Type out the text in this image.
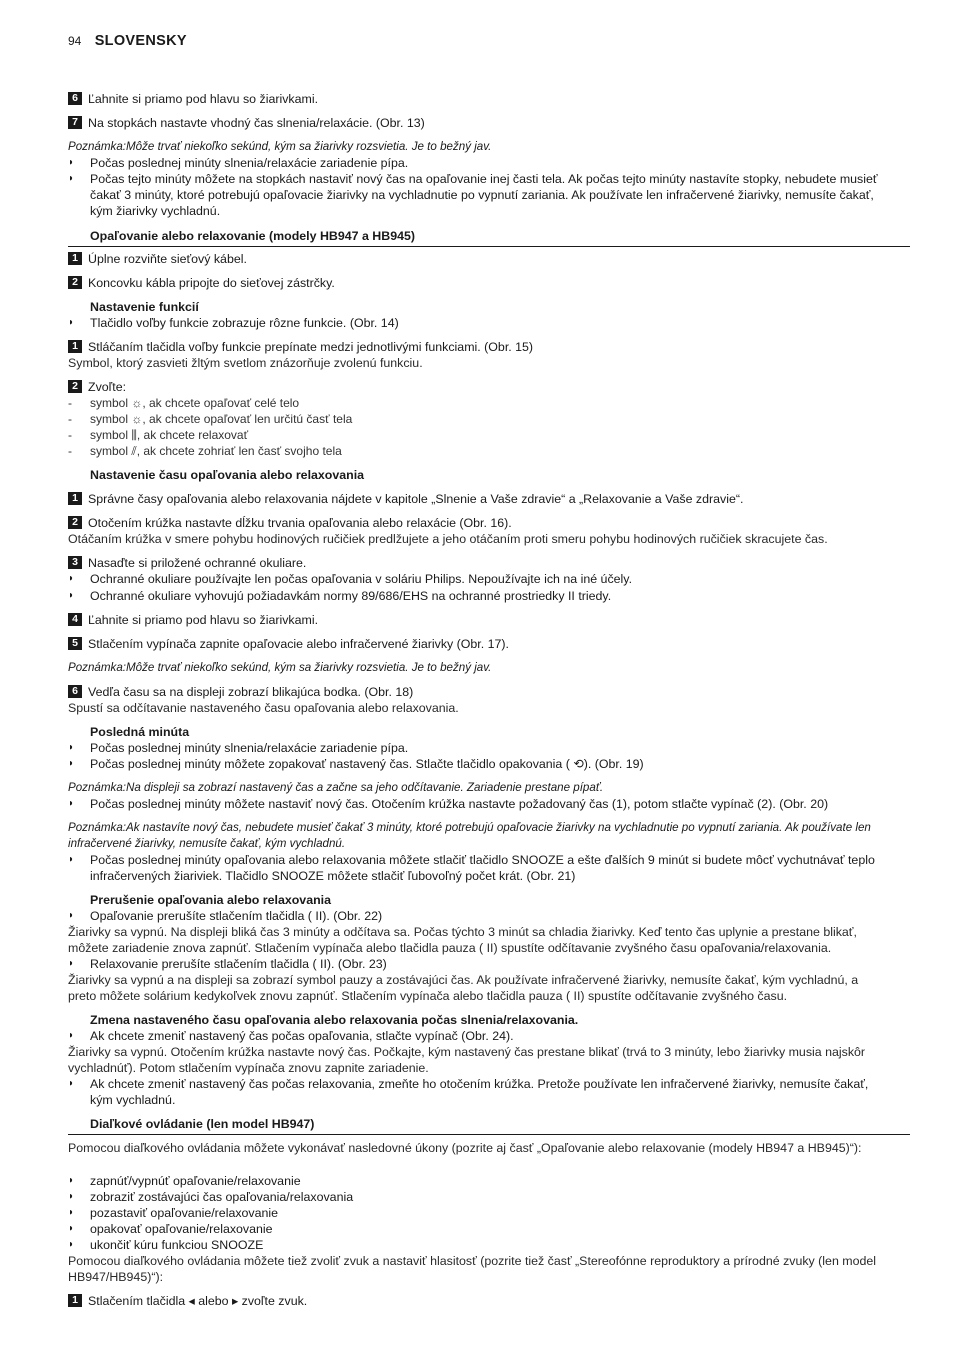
94 SLOVENSKY
6 Ľahnite si priamo pod hlavu so žiarivkami.
7 Na stopkách nastavte vhodný čas slnenia/relaxácie. (Obr. 13)
Poznámka:Môže trvať niekoľko sekúnd, kým sa žiarivky rozsvietia. Je to bežný jav.
◗	Počas poslednej minúty slnenia/relaxácie zariadenie pípa.
◗	Počas tejto minúty môžete na stopkách nastaviť nový čas na opaľovanie inej časti tela. Ak počas tejto minúty nastavíte stopky, nebudete musieť čakať 3 minúty, ktoré potrebujú opaľovacie žiarivky na vychladnutie po vypnutí zariania. Ak používate len infračervené žiarivky, nemusíte čakať, kým žiarivky vychladnú.
Opaľovanie alebo relaxovanie (modely HB947 a HB945)
1 Úplne rozviňte sieťový kábel.
2 Koncovku kábla pripojte do sieťovej zástrčky.
Nastavenie funkcií
◗	Tlačidlo voľby funkcie zobrazuje rôzne funkcie. (Obr. 14)
1 Stláčaním tlačidla voľby funkcie prepínate medzi jednotlivými funkciami. (Obr. 15)
Symbol, ktorý zasvieti žltým svetlom znázorňuje zvolenú funkciu.
2 Zvoľte:
-	symbol ☼, ak chcete opaľovať celé telo
-	symbol ☼, ak chcete opaľovať len určitú časť tela
-	symbol ⫼, ak chcete relaxovať
-	symbol ⫽, ak chcete zohriať len časť svojho tela
Nastavenie času opaľovania alebo relaxovania
1 Správne časy opaľovania alebo relaxovania nájdete v kapitole „Slnenie a Vaše zdravie“ a „Relaxovanie a Vaše zdravie“.
2 Otočením krúžka nastavte dĺžku trvania opaľovania alebo relaxácie (Obr. 16).
Otáčaním krúžka v smere pohybu hodinových ručičiek predlžujete a jeho otáčaním proti smeru pohybu hodinových ručičiek skracujete čas.
3 Nasaďte si priložené ochranné okuliare.
◗	Ochranné okuliare používajte len počas opaľovania v soláriu Philips. Nepoužívajte ich na iné účely.
◗	Ochranné okuliare vyhovujú požiadavkám normy 89/686/EHS na ochranné prostriedky II triedy.
4 Ľahnite si priamo pod hlavu so žiarivkami.
5 Stlačením vypínača zapnite opaľovacie alebo infračervené žiarivky (Obr. 17).
Poznámka:Môže trvať niekoľko sekúnd, kým sa žiarivky rozsvietia. Je to bežný jav.
6 Vedľa času sa na displeji zobrazí blikajúca bodka. (Obr. 18)
Spustí sa odčítavanie nastaveného času opaľovania alebo relaxovania.
Posledná minúta
◗	Počas poslednej minúty slnenia/relaxácie zariadenie pípa.
◗	Počas poslednej minúty môžete zopakovať nastavený čas. Stlačte tlačidlo opakovania ( ⟲). (Obr. 19)
Poznámka:Na displeji sa zobrazí nastavený čas a začne sa jeho odčítavanie. Zariadenie prestane pípať.
◗	Počas poslednej minúty môžete nastaviť nový čas. Otočením krúžka nastavte požadovaný čas (1), potom stlačte vypínač (2). (Obr. 20)
Poznámka:Ak nastavíte nový čas, nebudete musieť čakať 3 minúty, ktoré potrebujú opaľovacie žiarivky na vychladnutie po vypnutí zariania. Ak používate len infračervené žiarivky, nemusíte čakať, kým vychladnú.
◗	Počas poslednej minúty opaľovania alebo relaxovania môžete stlačiť tlačidlo SNOOZE a ešte ďalších 9 minút si budete môcť vychutnávať teplo infračervených žiariviek. Tlačidlo SNOOZE môžete stlačiť ľubovoľný počet krát. (Obr. 21)
Prerušenie opaľovania alebo relaxovania
◗	Opaľovanie prerušíte stlačením tlačidla ( II). (Obr. 22)
Žiarivky sa vypnú. Na displeji bliká čas 3 minúty a odčítava sa. Počas týchto 3 minút sa chladia žiarivky. Keď tento čas uplynie a prestane blikať, môžete zariadenie znova zapnúť. Stlačením vypínača alebo tlačidla pauza ( II) spustíte odčítavanie zvyšného času opaľovania/relaxovania.
◗	Relaxovanie prerušíte stlačením tlačidla ( II). (Obr. 23)
Žiarivky sa vypnú a na displeji sa zobrazí symbol pauzy a zostávajúci čas. Ak používate infračervené žiarivky, nemusíte čakať, kým vychladnú, a preto môžete solárium kedykoľvek znovu zapnúť. Stlačením vypínača alebo tlačidla pauza ( II) spustíte odčítavanie zvyšného času.
Zmena nastaveného času opaľovania alebo relaxovania počas slnenia/relaxovania.
◗	Ak chcete zmeniť nastavený čas počas opaľovania, stlačte vypínač (Obr. 24).
Žiarivky sa vypnú. Otočením krúžka nastavte nový čas. Počkajte, kým nastavený čas prestane blikať (trvá to 3 minúty, lebo žiarivky musia najskôr vychladnúť). Potom stlačením vypínača znovu zapnite zariadenie.
◗	Ak chcete zmeniť nastavený čas počas relaxovania, zmeňte ho otočením krúžka. Pretože používate len infračervené žiarivky, nemusíte čakať, kým vychladnú.
Diaľkové ovládanie (len model HB947)
Pomocou diaľkového ovládania môžete vykonávať nasledovné úkony (pozrite aj časť „Opaľovanie alebo relaxovanie (modely HB947 a HB945)“):
◗	zapnúť/vypnúť opaľovanie/relaxovanie
◗	zobraziť zostávajúci čas opaľovania/relaxovania
◗	pozastaviť opaľovanie/relaxovanie
◗	opakovať opaľovanie/relaxovanie
◗	ukončiť kúru funkciou SNOOZE
Pomocou diaľkového ovládania môžete tiež zvoliť zvuk a nastaviť hlasitosť (pozrite tiež časť „Stereofónne reproduktory a prírodné zvuky (len model HB947/HB945)“):
1 Stlačením tlačidla ◂ alebo ▸ zvoľte zvuk.
